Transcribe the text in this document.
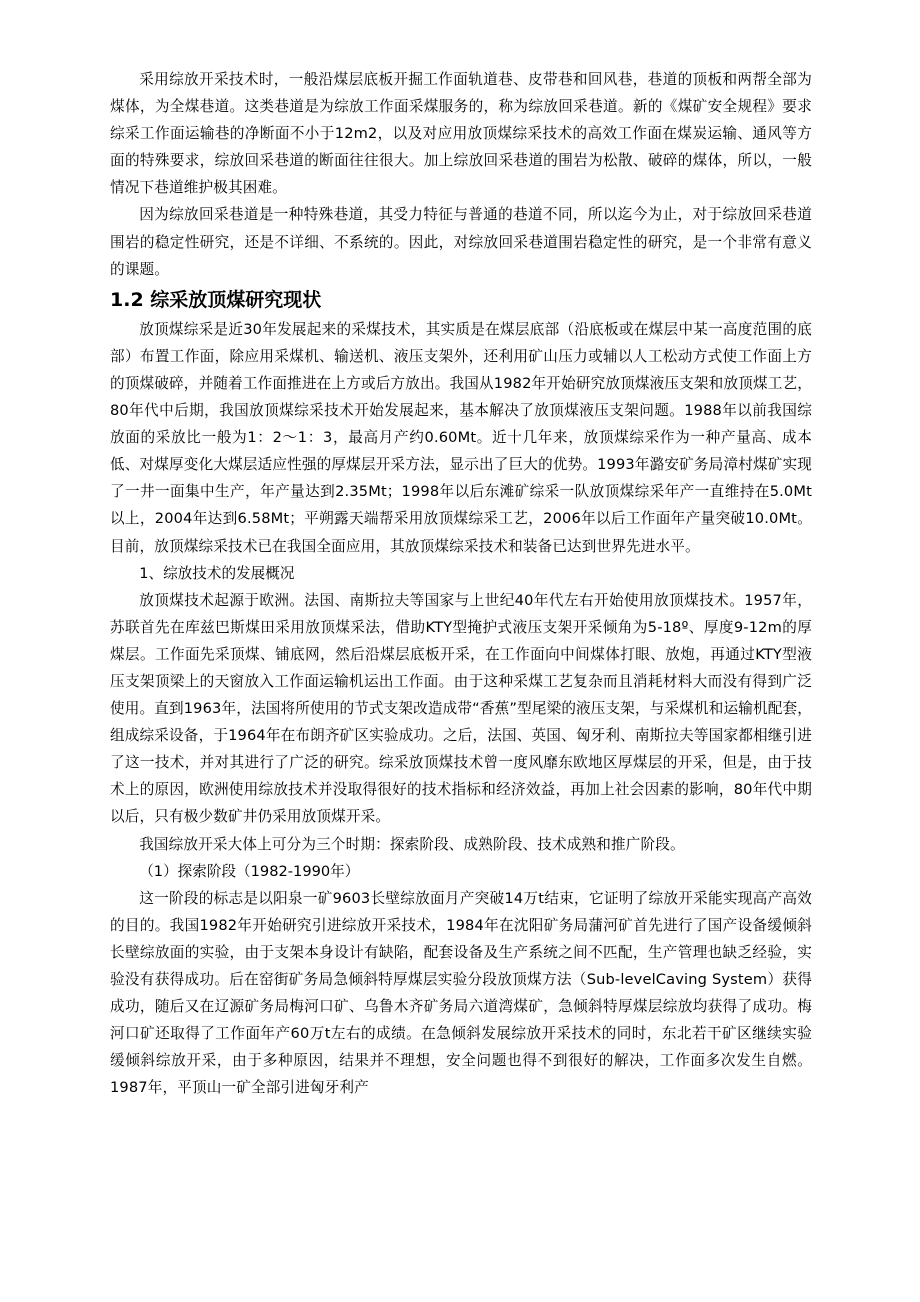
采用综放开采技术时，一般沿煤层底板开掘工作面轨道巷、皮带巷和回风巷，巷道的顶板和两帮全部为煤体，为全煤巷道。这类巷道是为综放工作面采煤服务的，称为综放回采巷道。新的《煤矿安全规程》要求综采工作面运输巷的净断面不小于12m2，以及对应用放顶煤综采技术的高效工作面在煤炭运输、通风等方面的特殊要求，综放回采巷道的断面往往很大。加上综放回采巷道的围岩为松散、破碎的煤体，所以，一般情况下巷道维护极其困难。

因为综放回采巷道是一种特殊巷道，其受力特征与普通的巷道不同，所以迄今为止，对于综放回采巷道围岩的稳定性研究，还是不详细、不系统的。因此，对综放回采巷道围岩稳定性的研究，是一个非常有意义的课题。

1.2 综采放顶煤研究现状

放顶煤综采是近30年发展起来的采煤技术，其实质是在煤层底部（沿底板或在煤层中某一高度范围的底部）布置工作面，除应用采煤机、输送机、液压支架外，还利用矿山压力或辅以人工松动方式使工作面上方的顶煤破碎，并随着工作面推进在上方或后方放出。我国从1982年开始研究放顶煤液压支架和放顶煤工艺，80年代中后期，我国放顶煤综采技术开始发展起来，基本解决了放顶煤液压支架问题。1988年以前我国综放面的采放比一般为1：2～1：3，最高月产约0.60Mt。近十几年来，放顶煤综采作为一种产量高、成本低、对煤厚变化大煤层适应性强的厚煤层开采方法，显示出了巨大的优势。1993年潞安矿务局漳村煤矿实现了一井一面集中生产，年产量达到2.35Mt；1998年以后东滩矿综采一队放顶煤综采年产一直维持在5.0Mt以上，2004年达到6.58Mt；平朔露天端帮采用放顶煤综采工艺，2006年以后工作面年产量突破10.0Mt。目前，放顶煤综采技术已在我国全面应用，其放顶煤综采技术和装备已达到世界先进水平。

1、综放技术的发展概况

放顶煤技术起源于欧洲。法国、南斯拉夫等国家与上世纪40年代左右开始使用放顶煤技术。1957年，苏联首先在库兹巴斯煤田采用放顶煤采法，借助KTY型掩护式液压支架开采倾角为5-18º、厚度9-12m的厚煤层。工作面先采顶煤、铺底网，然后沿煤层底板开采，在工作面向中间煤体打眼、放炮，再通过KTY型液压支架顶梁上的天窗放入工作面运输机运出工作面。由于这种采煤工艺复杂而且消耗材料大而没有得到广泛使用。直到1963年，法国将所使用的节式支架改造成带“香蕉”型尾梁的液压支架，与采煤机和运输机配套，组成综采设备，于1964年在布朗齐矿区实验成功。之后，法国、英国、匈牙利、南斯拉夫等国家都相继引进了这一技术，并对其进行了广泛的研究。综采放顶煤技术曾一度风靡东欧地区厚煤层的开采，但是，由于技术上的原因，欧洲使用综放技术并没取得很好的技术指标和经济效益，再加上社会因素的影响，80年代中期以后，只有极少数矿井仍采用放顶煤开采。

我国综放开采大体上可分为三个时期：探索阶段、成熟阶段、技术成熟和推广阶段。

（1）探索阶段（1982-1990年）

这一阶段的标志是以阳泉一矿9603长壁综放面月产突破14万t结束，它证明了综放开采能实现高产高效的目的。我国1982年开始研究引进综放开采技术，1984年在沈阳矿务局蒲河矿首先进行了国产设备缓倾斜长壁综放面的实验，由于支架本身设计有缺陷，配套设备及生产系统之间不匹配，生产管理也缺乏经验，实验没有获得成功。后在窑街矿务局急倾斜特厚煤层实验分段放顶煤方法（Sub-levelCaving System）获得成功，随后又在辽源矿务局梅河口矿、乌鲁木齐矿务局六道湾煤矿，急倾斜特厚煤层综放均获得了成功。梅河口矿还取得了工作面年产60万t左右的成绩。在急倾斜发展综放开采技术的同时，东北若干矿区继续实验缓倾斜综放开采，由于多种原因，结果并不理想，安全问题也得不到很好的解决，工作面多次发生自燃。1987年，平顶山一矿全部引进匈牙利产
